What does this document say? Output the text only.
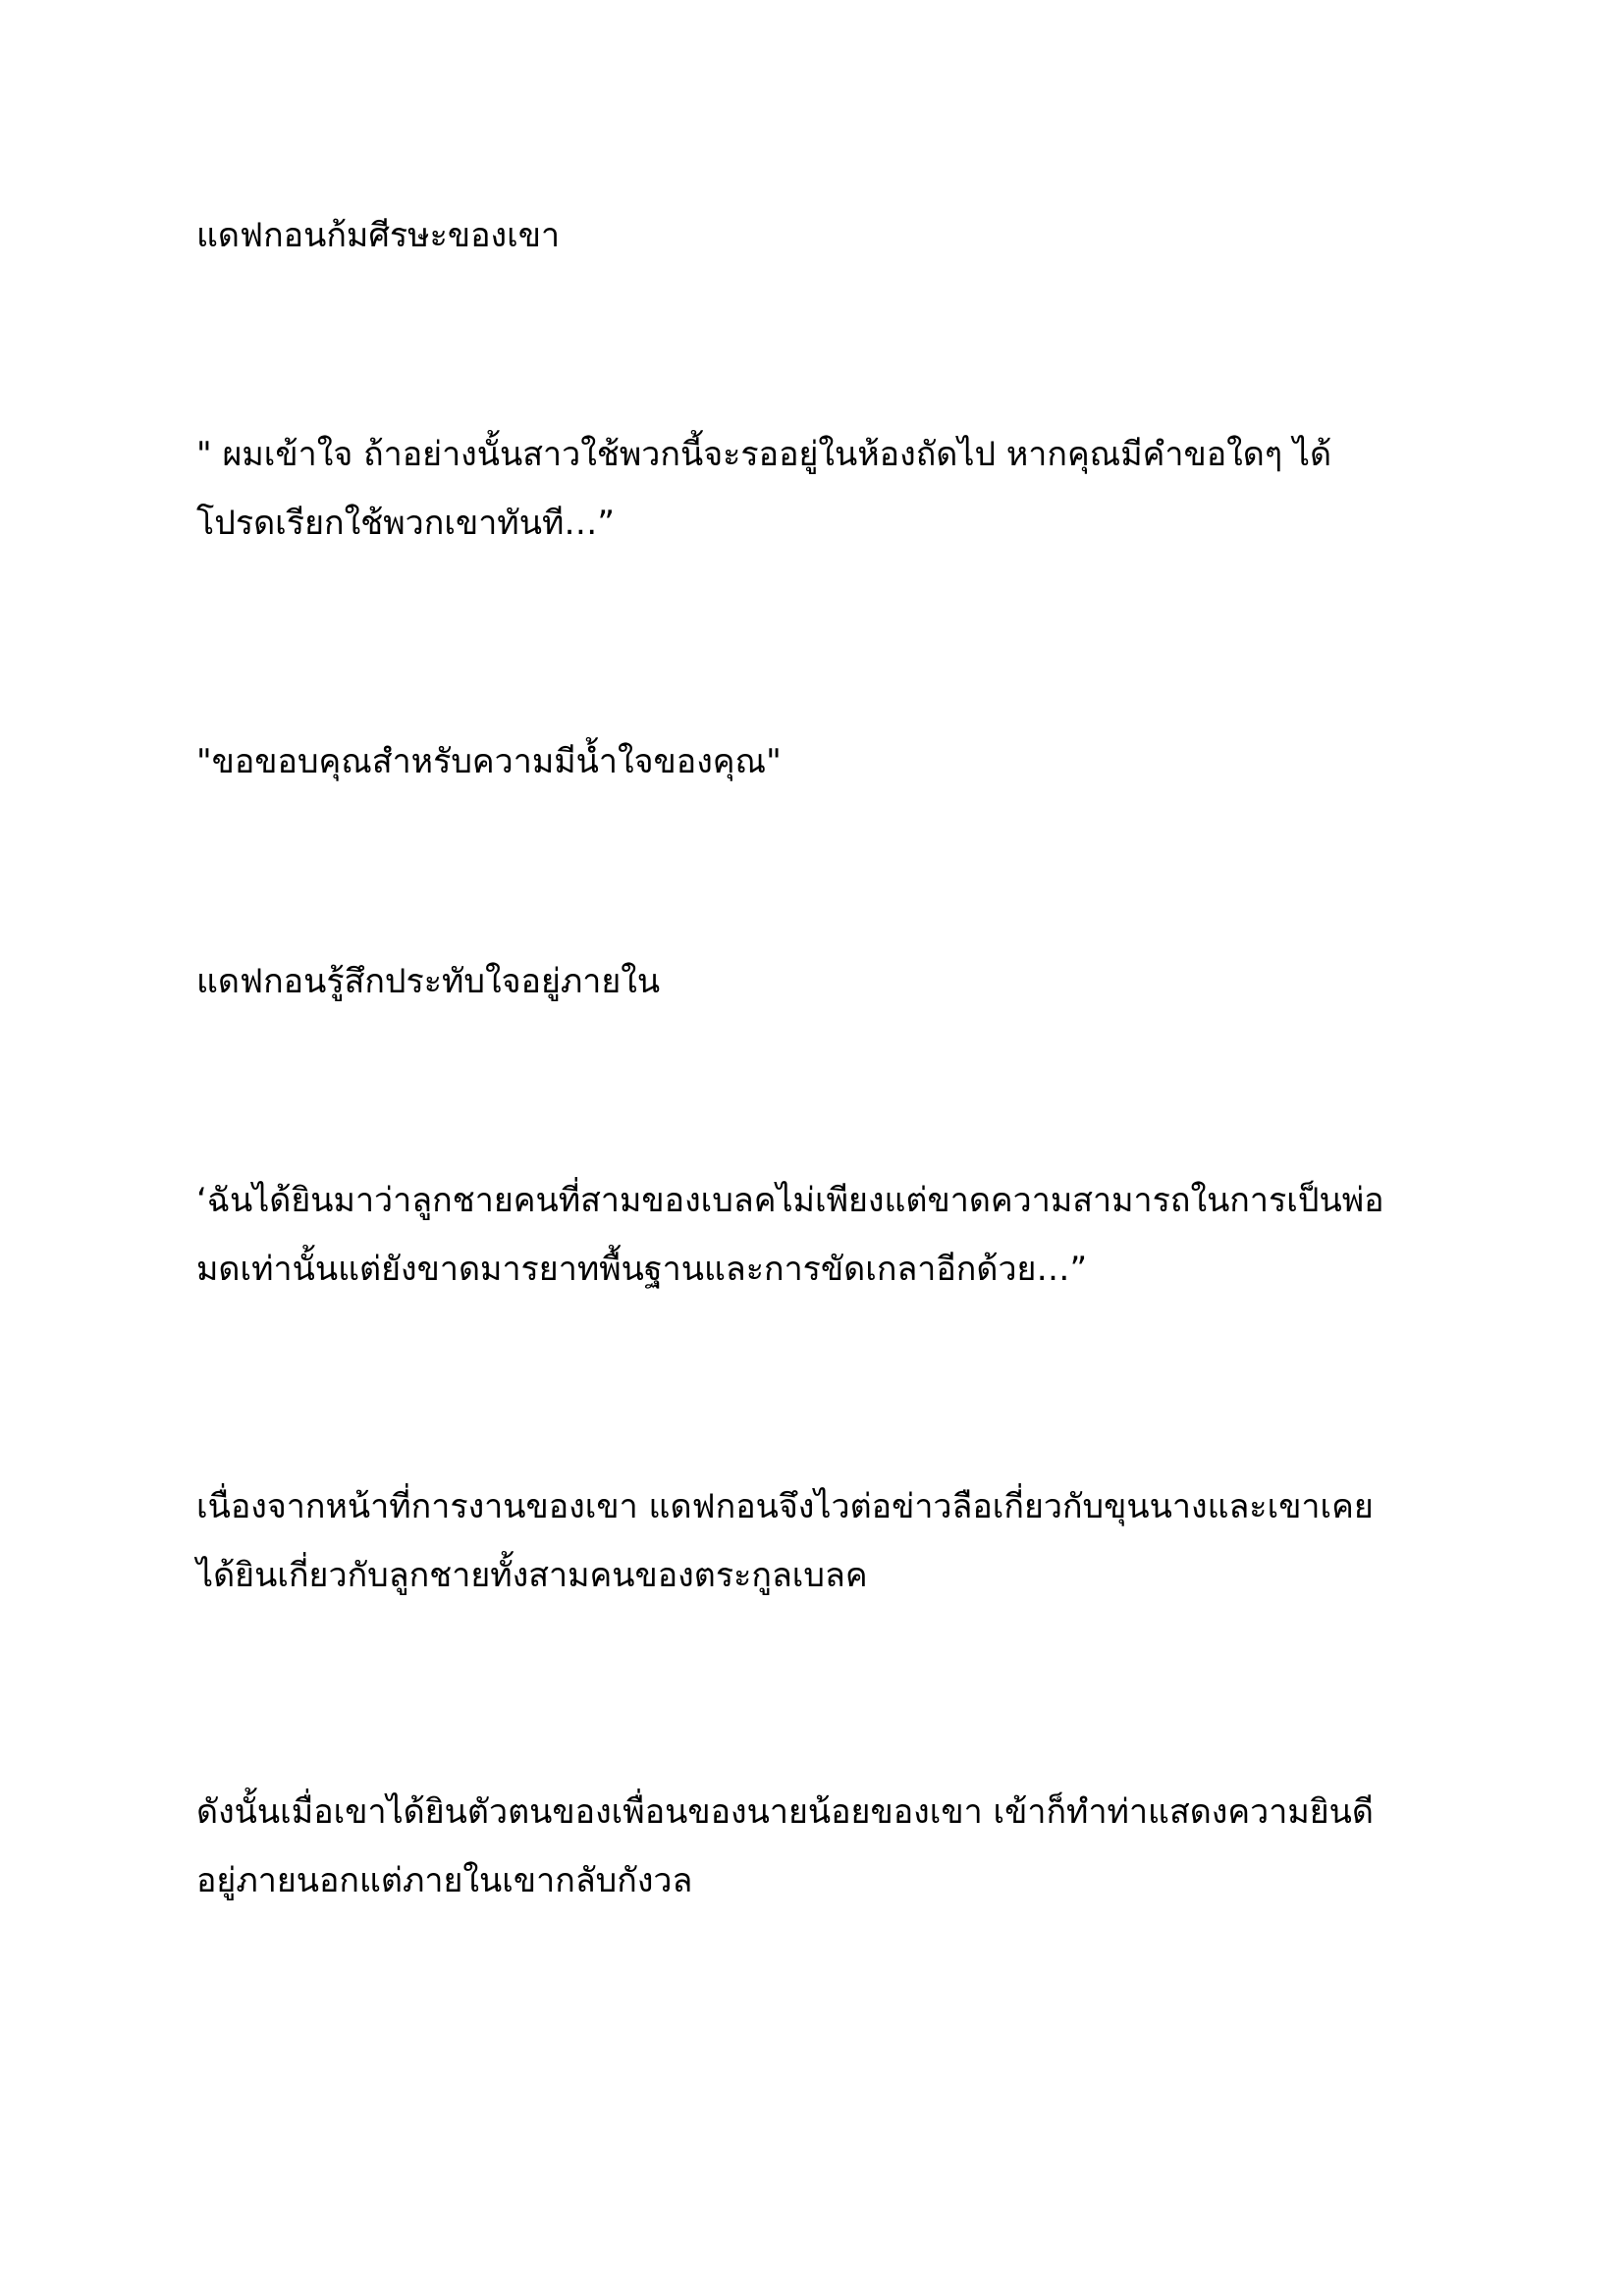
แดฟกอนก้มศีรษะของเขา

" ผมเข้าใจ ถ้าอย่างนั้นสาวใช้พวกนี้จะรออยู่ในห้องถัดไป หากคุณมีคำขอใดๆ ได้
โปรดเรียกใช้พวกเขาทันที…”

"ขอขอบคุณสำหรับความมีน้ำใจของคุณ"

แดฟกอนรู้สึกประทับใจอยู่ภายใน

‘ฉันได้ยินมาว่าลูกชายคนที่สามของเบลคไม่เพียงแต่ขาดความสามารถในการเป็นพ่อ
มดเท่านั้นแต่ยังขาดมารยาทพื้นฐานและการขัดเกลาอีกด้วย…”

เนื่องจากหน้าที่การงานของเขา แดฟกอนจึงไวต่อข่าวลือเกี่ยวกับขุนนางและเขาเคย
ได้ยินเกี่ยวกับลูกชายทั้งสามคนของตระกูลเบลค

ดังนั้นเมื่อเขาได้ยินตัวตนของเพื่อนของนายน้อยของเขา เข้าก็ทำท่าแสดงความยินดี
อยู่ภายนอกแต่ภายในเขากลับกังวล
